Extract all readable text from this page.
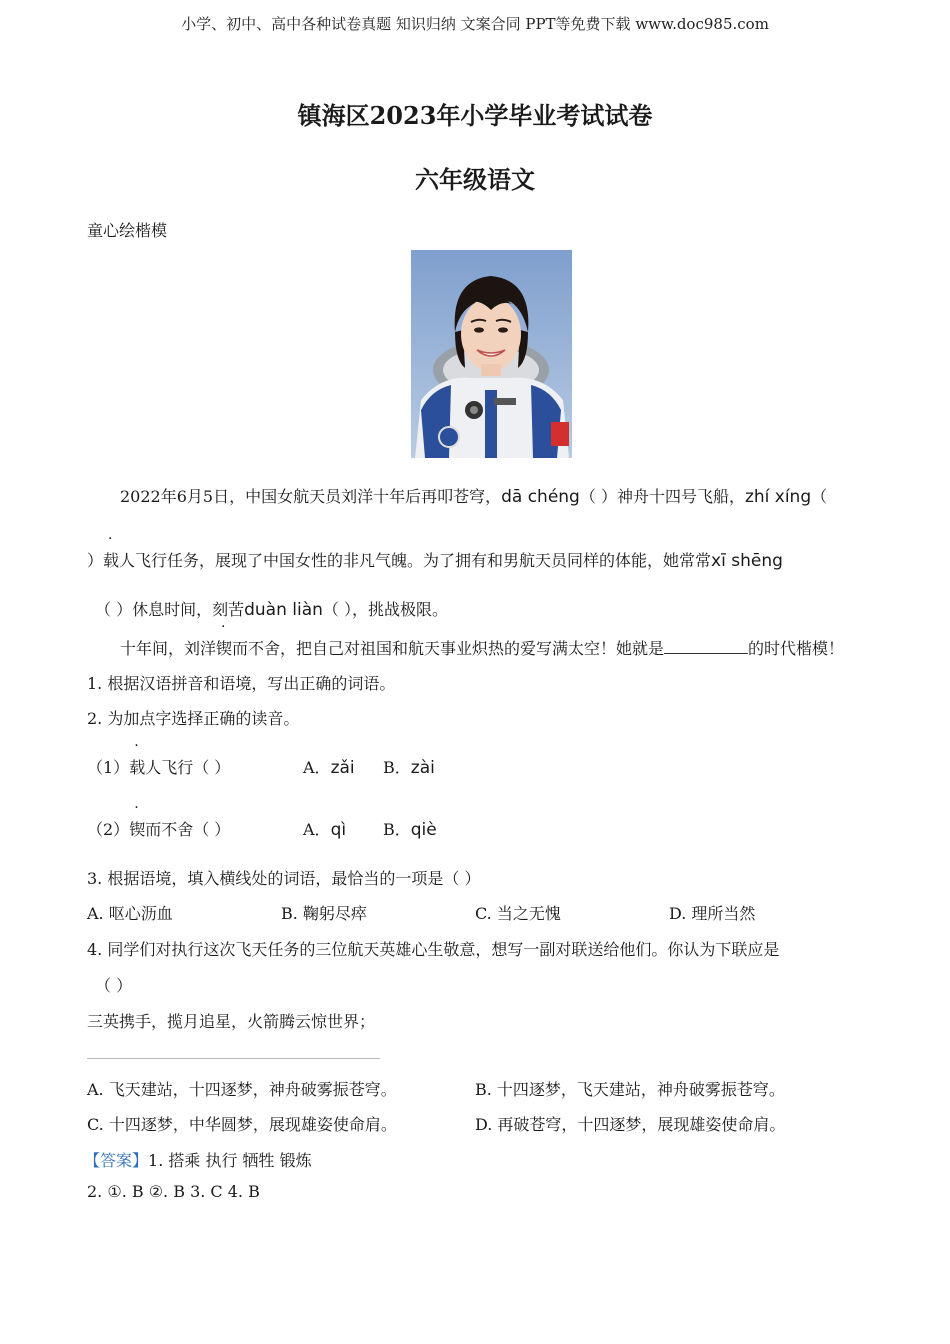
小学、初中、高中各种试卷真题 知识归纳 文案合同 PPT等免费下载 www.doc985.com
镇海区2023年小学毕业考试试卷
六年级语文
童心绘楷模
2022年6月5日，中国女航天员刘洋十年后再叩苍穹，dā chéng（ ）神舟十四号飞船，zhí xíng（
）载人飞行任务，展现了中国女性的非凡气魄。为了拥有和男航天员同样的体能，她常常xī shēng
（ ）休息时间，刻苦duàn liàn（ ），挑战极限。
十年间，刘洋锲而不舍，把自己对祖国和航天事业炽热的爱写满太空！她就是	的时代楷模！
1. 根据汉语拼音和语境，写出正确的词语。
2. 为加点字选择正确的读音。
（1）载人飞行（ ）	A．zǎi B．zài
（2）锲而不舍（ ）	A．qì B．qiè
3. 根据语境，填入横线处的词语，最恰当的一项是（ ）
A. 呕心沥血	B. 鞠躬尽瘁	C. 当之无愧	D. 理所当然
4. 同学们对执行这次飞天任务的三位航天英雄心生敬意，想写一副对联送给他们。你认为下联应是
（ ）
三英携手，揽月追星，火箭腾云惊世界；
A. 飞天建站，十四逐梦，神舟破雾振苍穹。	B. 十四逐梦，飞天建站，神舟破雾振苍穹。
C. 十四逐梦，中华圆梦，展现雄姿使命肩。	D. 再破苍穹，十四逐梦，展现雄姿使命肩。
【答案】1. 搭乘 执行 牺牲 锻炼
2. ①. B ②. B 3. C 4. B
